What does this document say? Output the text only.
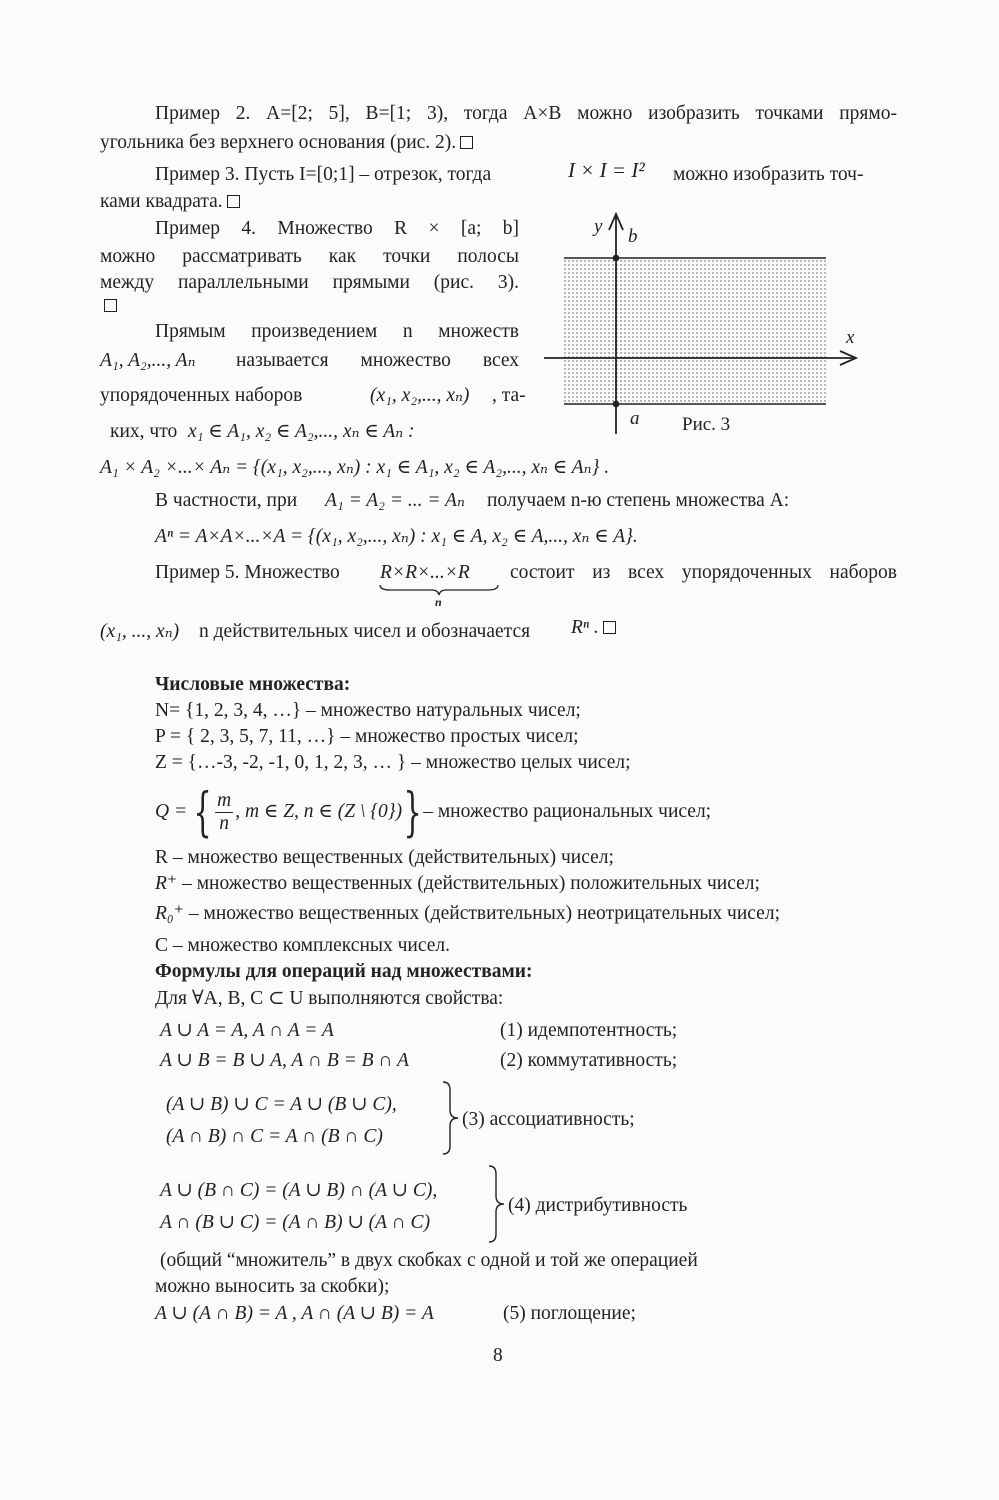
Пример 2. A=[2; 5], B=[1; 3), тогда A×B можно изобразить точками прямо-
угольника без верхнего основания (рис. 2).
Пример 3. Пусть I=[0;1] – отрезок, тогда	I × I = I² можно изобразить точ-
ками квадрата.
Пример 4. Множество R × [a; b]
можно рассматривать как точки полосы
между параллельными прямыми (рис. 3).
Прямым произведением n множеств
A₁, A₂,..., Aₙ называется множество всех
упорядоченных наборов	(x₁, x₂,..., xₙ) , та-
ких, что x₁ ∈ A₁, x₂ ∈ A₂,..., xₙ ∈ Aₙ :
A₁ × A₂ ×...× Aₙ = {(x₁, x₂,..., xₙ) : x₁ ∈ A₁, x₂ ∈ A₂,..., xₙ ∈ Aₙ} .
В частности, при A₁ = A₂ = ... = Aₙ получаем n-ю степень множества A:
Aⁿ = A×A×...×A = {(x₁, x₂,..., xₙ) : x₁ ∈ A, x₂ ∈ A,..., xₙ ∈ A}.
Пример 5. Множество R×R×...×R
n
состоит из всех упорядоченных наборов
(x₁, ..., xₙ) n действительных чисел и обозначается Rⁿ .
Числовые множества:
N= {1, 2, 3, 4, …} – множество натуральных чисел;
P = { 2, 3, 5, 7, 11, …} – множество простых чисел;
Z = {…-3, -2, -1, 0, 1, 2, 3, … } – множество целых чисел;
Q = { $\frac{m}{n}$ , m ∈ Z, n ∈ (Z \ {0})}– множество рациональных чисел;
R – множество вещественных (действительных) чисел;
R⁺ – множество вещественных (действительных) положительных чисел;
R₀⁺ – множество вещественных (действительных) неотрицательных чисел;
C – множество комплексных чисел.
Формулы для операций над множествами:
Для ∀A, B, C ⊂ U выполняются свойства:
A ∪ A = A, A ∩ A = A	(1) идемпотентность;
A ∪ B = B ∪ A, A ∩ B = B ∩ A	(2) коммутативность;
(A ∪ B) ∪ C = A ∪ (B ∪ C),
(A ∩ B) ∩ C = A ∩ (B ∩ C)
(3) ассоциативность;
A ∪ (B ∩ C) = (A ∪ B) ∩ (A ∪ C),
A ∩ (B ∪ C) = (A ∩ B) ∪ (A ∩ C)
(4) дистрибутивность
(общий “множитель” в двух скобках с одной и той же операцией
можно выносить за скобки);
A ∪ (A ∩ B) = A , A ∩ (A ∪ B) = A	(5) поглощение;
8
x
y b
a Рис. 3
